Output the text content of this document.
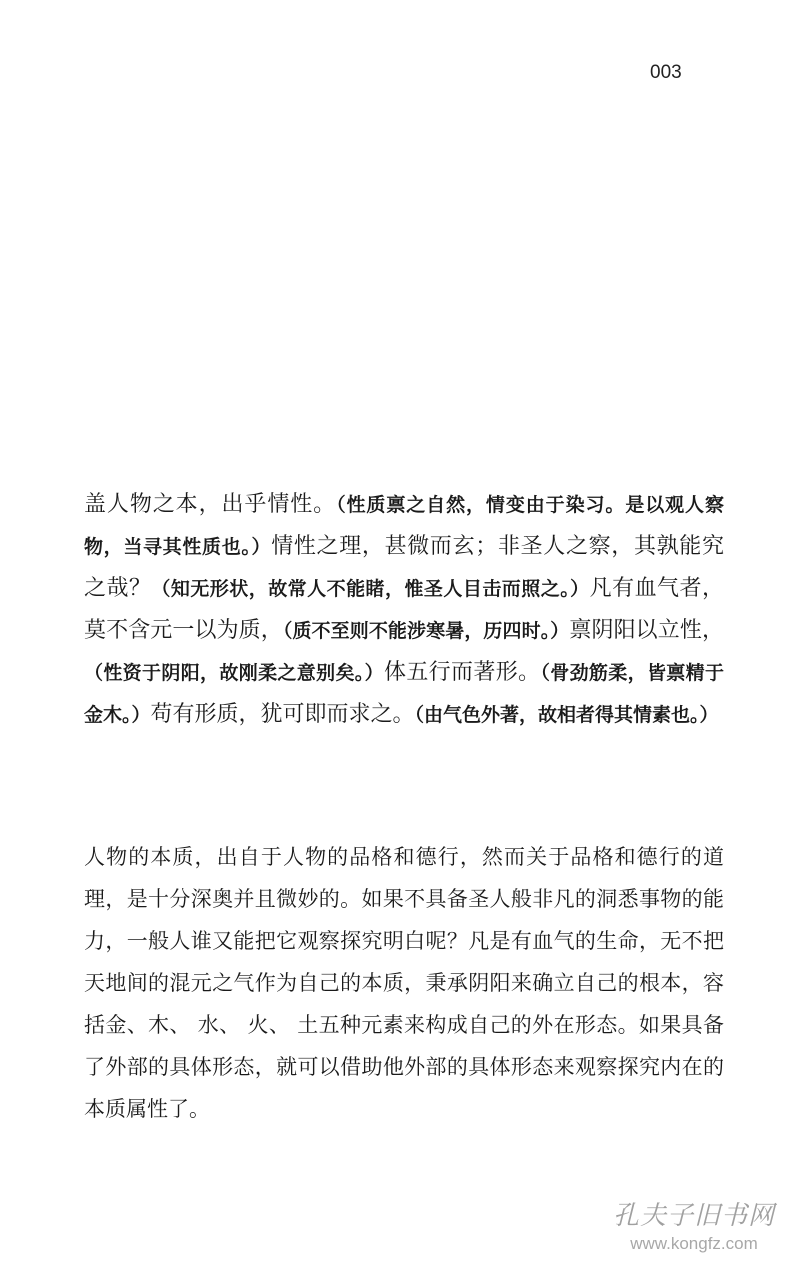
003

盖人物之本，出乎情性。（性质禀之自然，情变由于染习。是以观人察物，当寻其性质也。）情性之理，甚微而玄；非圣人之察，其孰能究之哉？（知无形状，故常人不能睹，惟圣人目击而照之。）凡有血气者，莫不含元一以为质，（质不至则不能涉寒暑，历四时。）禀阴阳以立性，（性资于阴阳，故刚柔之意别矣。）体五行而著形。（骨劲筋柔，皆禀精于金木。）苟有形质，犹可即而求之。（由气色外著，故相者得其情素也。）

人物的本质，出自于人物的品格和德行，然而关于品格和德行的道理，是十分深奥并且微妙的。如果不具备圣人般非凡的洞悉事物的能力，一般人谁又能把它观察探究明白呢？凡是有血气的生命，无不把天地间的混元之气作为自己的本质，秉承阴阳来确立自己的根本，容括金、木、 水、 火、 土五种元素来构成自己的外在形态。如果具备了外部的具体形态，就可以借助他外部的具体形态来观察探究内在的本质属性了。

孔夫子旧书网
www.kongfz.com
